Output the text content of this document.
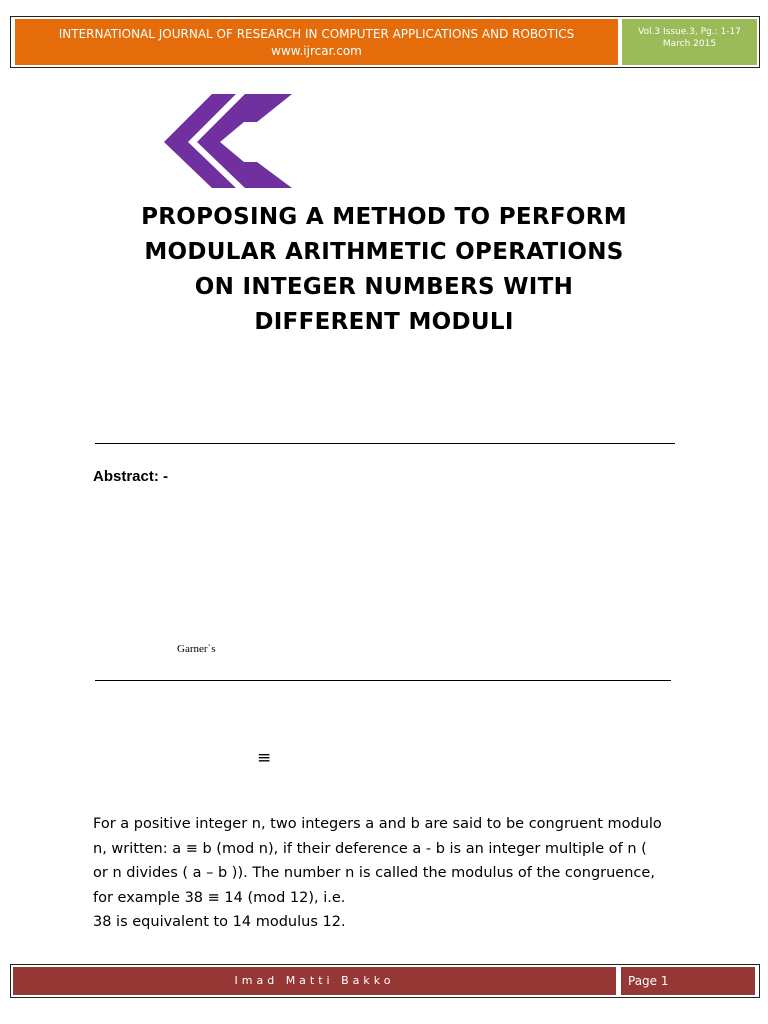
INTERNATIONAL JOURNAL OF RESEARCH IN COMPUTER APPLICATIONS AND ROBOTICS
www.ijrcar.com
Vol.3 Issue.3, Pg.: 1-17
March 2015
PROPOSING A METHOD TO PERFORM
MODULAR ARITHMETIC OPERATIONS
ON INTEGER NUMBERS WITH
DIFFERENT MODULI
Abstract: -
Garner`s
≡

For a positive integer n, two integers a and b are said to be congruent modulo

n, written: a ≡ b (mod n), if their deference a - b is an integer multiple of n (

or n divides ( a – b )). The number n is called the modulus of the congruence,

for example 38 ≡ 14 (mod 12), i.e.

38 is equivalent to 14 modulus 12.

Imad Matti Bakko	Page 1
